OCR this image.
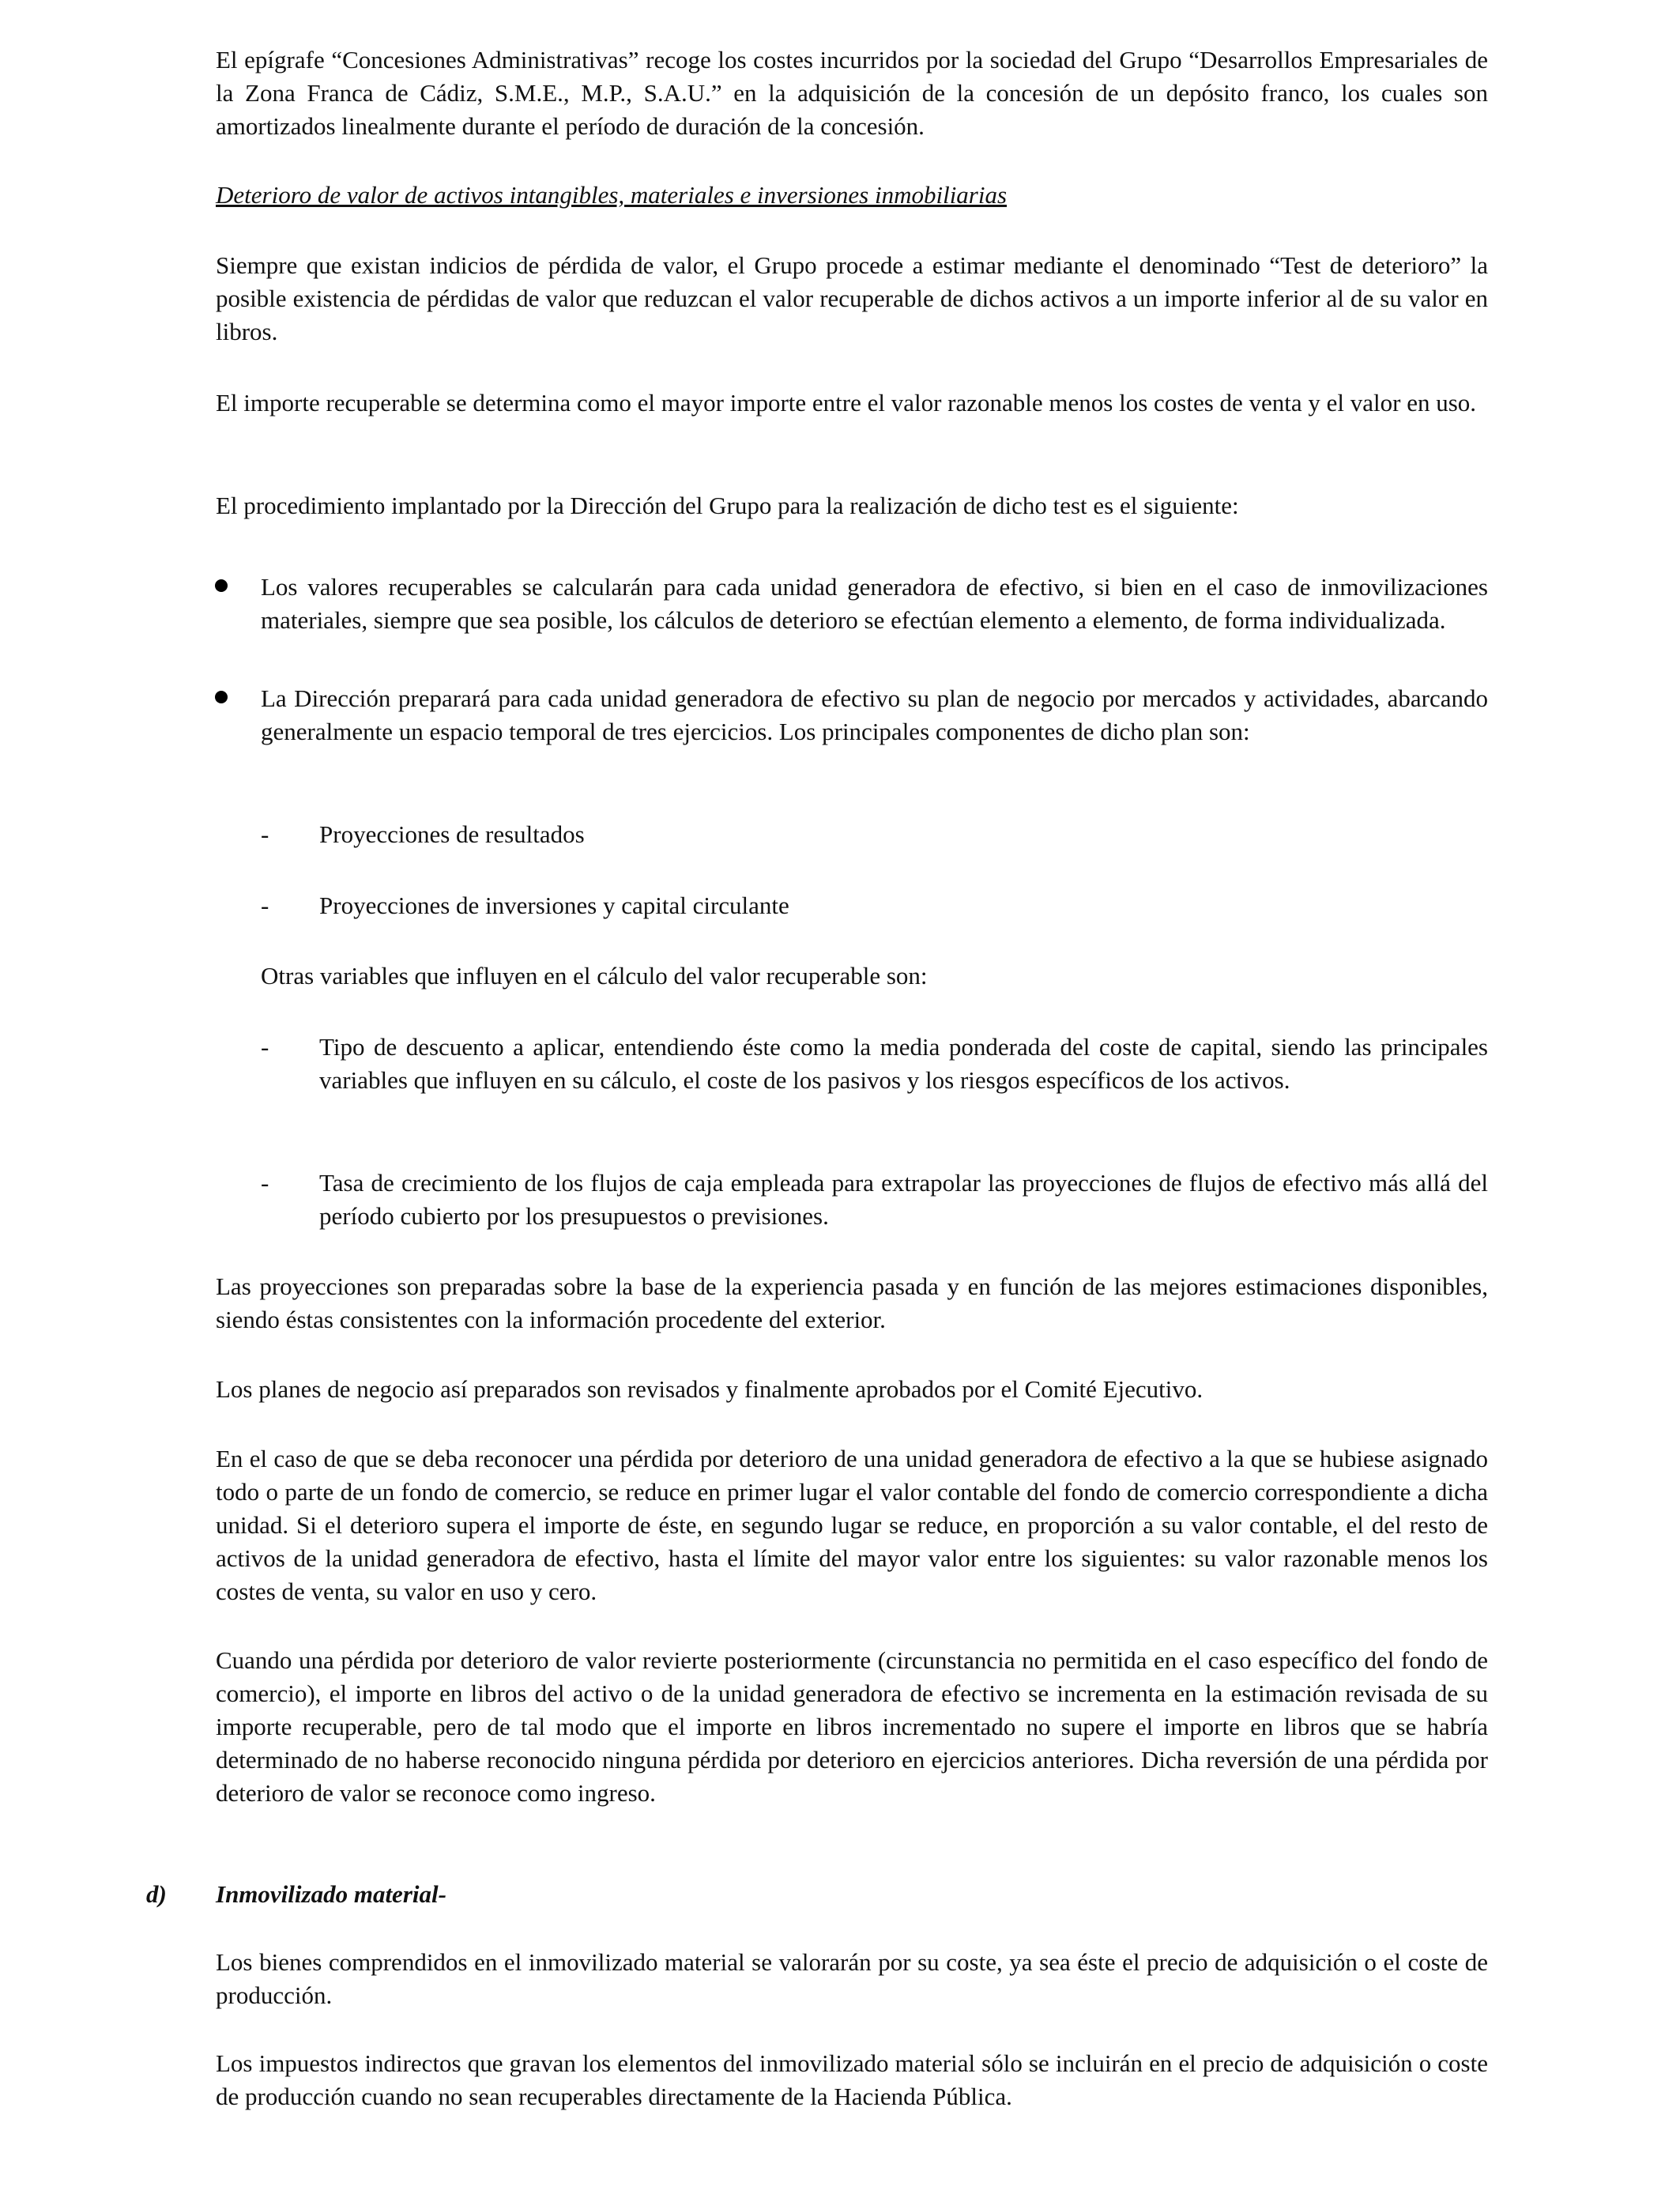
El epígrafe “Concesiones Administrativas” recoge los costes incurridos por la sociedad del Grupo “Desarrollos Empresariales de la Zona Franca de Cádiz, S.M.E., M.P., S.A.U.” en la adquisición de la concesión de un depósito franco, los cuales son amortizados linealmente durante el período de duración de la concesión.

Deterioro de valor de activos intangibles, materiales e inversiones inmobiliarias

Siempre que existan indicios de pérdida de valor, el Grupo procede a estimar mediante el denominado “Test de deterioro” la posible existencia de pérdidas de valor que reduzcan el valor recuperable de dichos activos a un importe inferior al de su valor en libros.

El importe recuperable se determina como el mayor importe entre el valor razonable menos los costes de venta y el valor en uso.

El procedimiento implantado por la Dirección del Grupo para la realización de dicho test es el siguiente:

Los valores recuperables se calcularán para cada unidad generadora de efectivo, si bien en el caso de inmovilizaciones materiales, siempre que sea posible, los cálculos de deterioro se efectúan elemento a elemento, de forma individualizada.

La Dirección preparará para cada unidad generadora de efectivo su plan de negocio por mercados y actividades, abarcando generalmente un espacio temporal de tres ejercicios. Los principales componentes de dicho plan son:

-	Proyecciones de resultados

-	Proyecciones de inversiones y capital circulante

Otras variables que influyen en el cálculo del valor recuperable son:

-	Tipo de descuento a aplicar, entendiendo éste como la media ponderada del coste de capital, siendo las principales variables que influyen en su cálculo, el coste de los pasivos y los riesgos específicos de los activos.

-	Tasa de crecimiento de los flujos de caja empleada para extrapolar las proyecciones de flujos de efectivo más allá del período cubierto por los presupuestos o previsiones.

Las proyecciones son preparadas sobre la base de la experiencia pasada y en función de las mejores estimaciones disponibles, siendo éstas consistentes con la información procedente del exterior.

Los planes de negocio así preparados son revisados y finalmente aprobados por el Comité Ejecutivo.

En el caso de que se deba reconocer una pérdida por deterioro de una unidad generadora de efectivo a la que se hubiese asignado todo o parte de un fondo de comercio, se reduce en primer lugar el valor contable del fondo de comercio correspondiente a dicha unidad. Si el deterioro supera el importe de éste, en segundo lugar se reduce, en proporción a su valor contable, el del resto de activos de la unidad generadora de efectivo, hasta el límite del mayor valor entre los siguientes: su valor razonable menos los costes de venta, su valor en uso y cero.

Cuando una pérdida por deterioro de valor revierte posteriormente (circunstancia no permitida en el caso específico del fondo de comercio), el importe en libros del activo o de la unidad generadora de efectivo se incrementa en la estimación revisada de su importe recuperable, pero de tal modo que el importe en libros incrementado no supere el importe en libros que se habría determinado de no haberse reconocido ninguna pérdida por deterioro en ejercicios anteriores. Dicha reversión de una pérdida por deterioro de valor se reconoce como ingreso.

d) Inmovilizado material-

Los bienes comprendidos en el inmovilizado material se valorarán por su coste, ya sea éste el precio de adquisición o el coste de producción.

Los impuestos indirectos que gravan los elementos del inmovilizado material sólo se incluirán en el precio de adquisición o coste de producción cuando no sean recuperables directamente de la Hacienda Pública.
